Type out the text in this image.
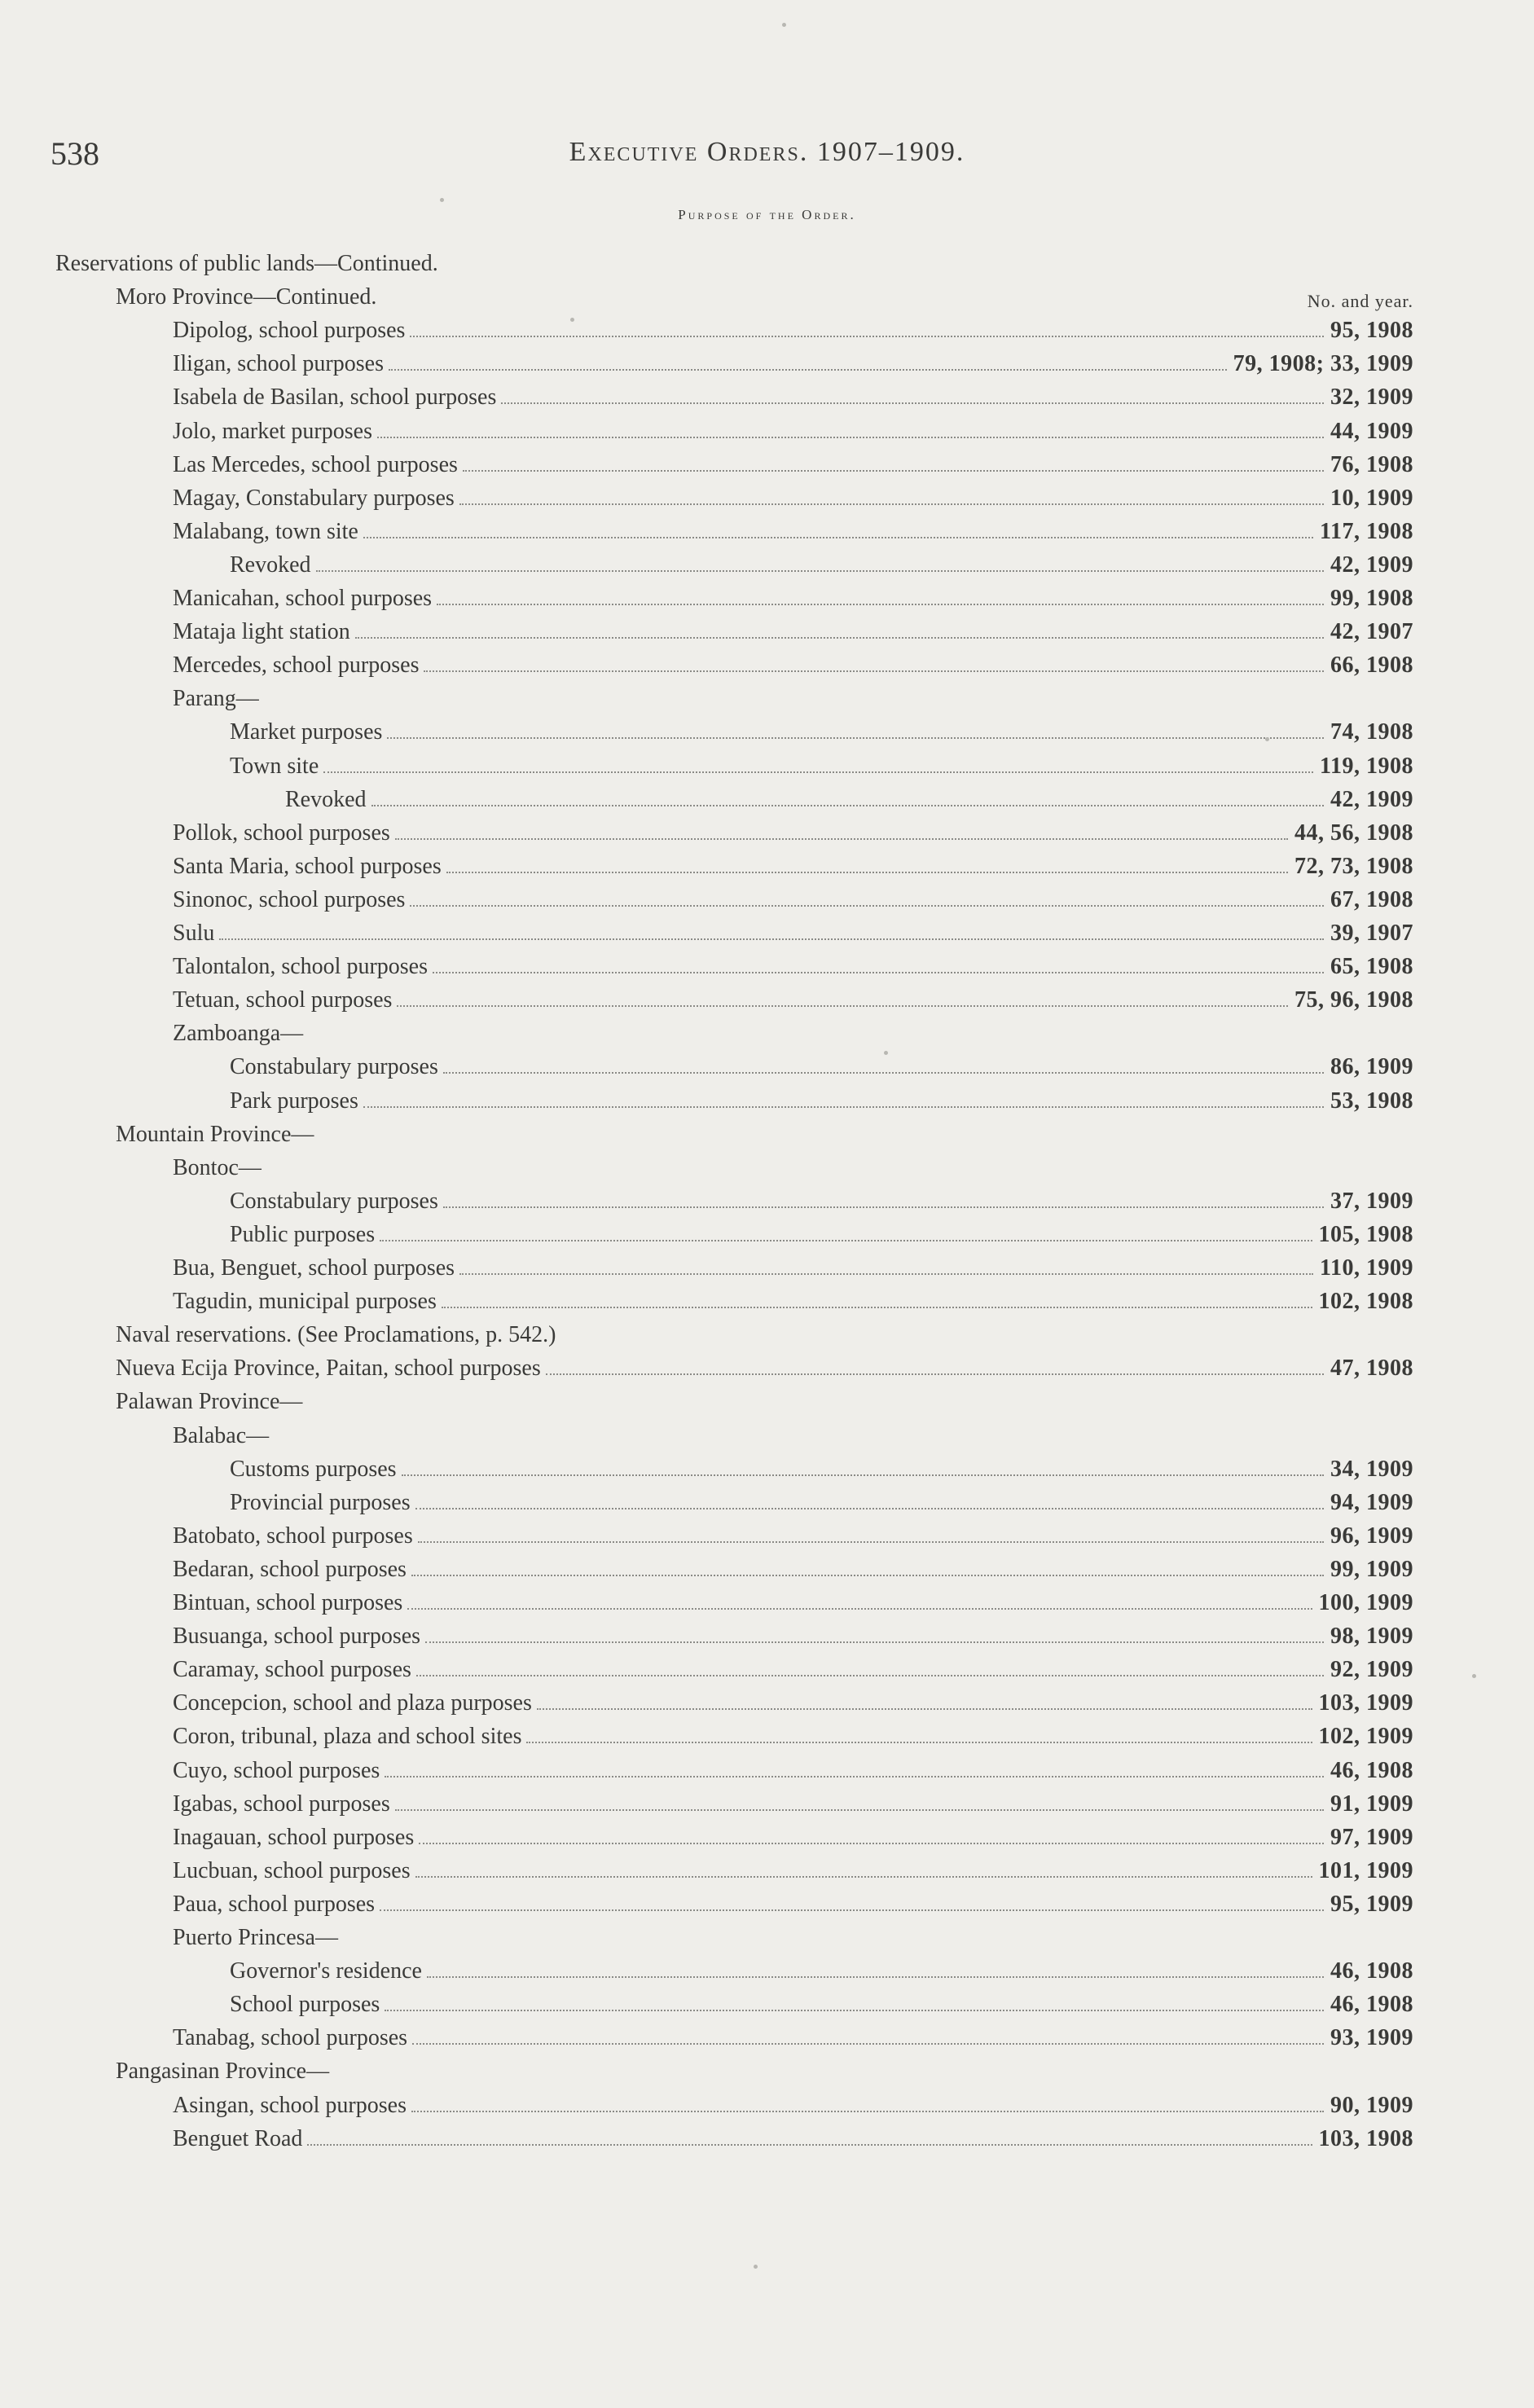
538	Executive Orders. 1907–1909.
Purpose of the Order.
No. and year.
Reservations of public lands—Continued.
Moro Province—Continued.
Dipolog, school purposes	95, 1908
Iligan, school purposes	79, 1908; 33, 1909
Isabela de Basilan, school purposes	32, 1909
Jolo, market purposes	44, 1909
Las Mercedes, school purposes	76, 1908
Magay, Constabulary purposes	10, 1909
Malabang, town site	117, 1908
Revoked	42, 1909
Manicahan, school purposes	99, 1908
Mataja light station	42, 1907
Mercedes, school purposes	66, 1908
Parang—
Market purposes	74, 1908
Town site	119, 1908
Revoked	42, 1909
Pollok, school purposes	44, 56, 1908
Santa Maria, school purposes	72, 73, 1908
Sinonoc, school purposes	67, 1908
Sulu	39, 1907
Talontalon, school purposes	65, 1908
Tetuan, school purposes	75, 96, 1908
Zamboanga—
Constabulary purposes	86, 1909
Park purposes	53, 1908
Mountain Province—
Bontoc—
Constabulary purposes	37, 1909
Public purposes	105, 1908
Bua, Benguet, school purposes	110, 1909
Tagudin, municipal purposes	102, 1908
Naval reservations. (See Proclamations, p. 542.)
Nueva Ecija Province, Paitan, school purposes	47, 1908
Palawan Province—
Balabac—
Customs purposes	34, 1909
Provincial purposes	94, 1909
Batobato, school purposes	96, 1909
Bedaran, school purposes	99, 1909
Bintuan, school purposes	100, 1909
Busuanga, school purposes	98, 1909
Caramay, school purposes	92, 1909
Concepcion, school and plaza purposes	103, 1909
Coron, tribunal, plaza and school sites	102, 1909
Cuyo, school purposes	46, 1908
Igabas, school purposes	91, 1909
Inagauan, school purposes	97, 1909
Lucbuan, school purposes	101, 1909
Paua, school purposes	95, 1909
Puerto Princesa—
Governor's residence	46, 1908
School purposes	46, 1908
Tanabag, school purposes	93, 1909
Pangasinan Province—
Asingan, school purposes	90, 1909
Benguet Road	103, 1908
